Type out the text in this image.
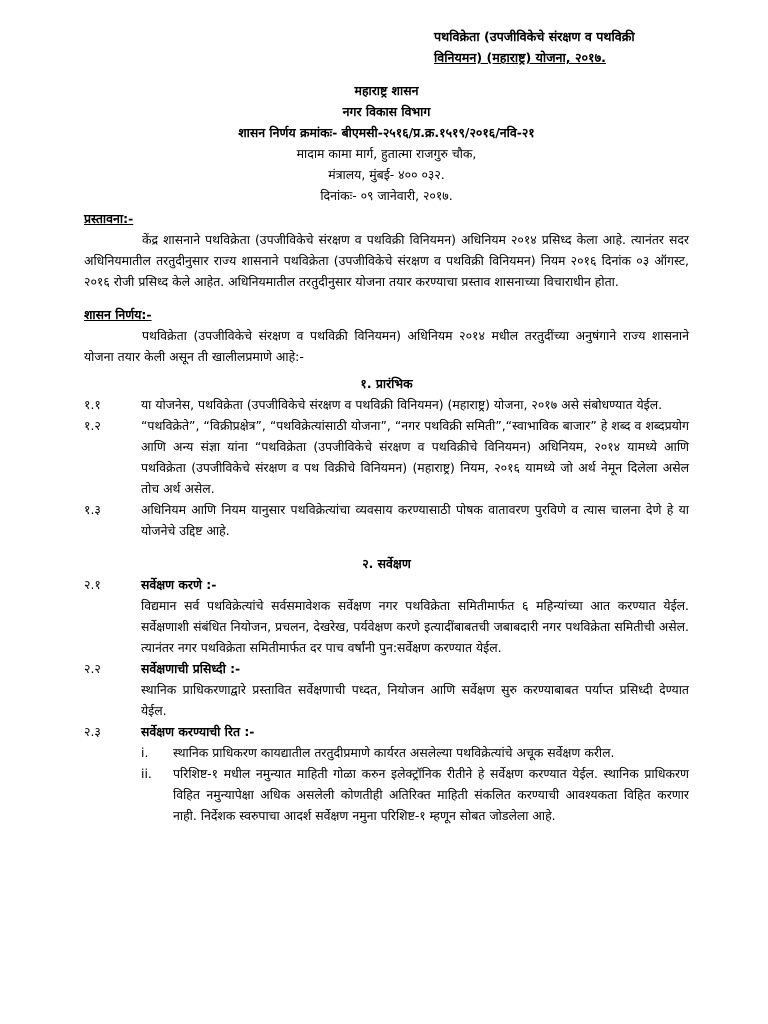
पथविक्रेता (उपजीविकेचे संरक्षण व पथविक्री
विनियमन) (महाराष्ट्र) योजना, २०१७.
महाराष्ट्र शासन
नगर विकास विभाग
शासन निर्णय क्रमांकः- बीएमसी-२५१६/प्र.क्र.१५१९/२०१६/नवि-२१
मादाम कामा मार्ग, हुतात्मा राजगुरु चौक,
मंत्रालय, मुंबई- ४०० ०३२.
दिनांकः- ०९ जानेवारी, २०१७.
प्रस्तावना:-
केंद्र शासनाने पथविक्रेता (उपजीविकेचे संरक्षण व पथविक्री विनियमन) अधिनियम २०१४ प्रसिध्द केला आहे. त्यानंतर सदर अधिनियमातील तरतुदीनुसार राज्य शासनाने पथविक्रेता (उपजीविकेचे संरक्षण व पथविक्री विनियमन) नियम २०१६ दिनांक ०३ ऑगस्ट, २०१६ रोजी प्रसिध्द केले आहेत. अधिनियमातील तरतुदीनुसार योजना तयार करण्याचा प्रस्ताव शासनाच्या विचाराधीन होता.
शासन निर्णय:-
पथविक्रेता (उपजीविकेचे संरक्षण व पथविक्री विनियमन) अधिनियम २०१४ मधील तरतुदींच्या अनुषंगाने राज्य शासनाने योजना तयार केली असून ती खालीलप्रमाणे आहे:-
१. प्रारंभिक
१.१	या योजनेस, पथविक्रेता (उपजीविकेचे संरक्षण व पथविक्री विनियमन) (महाराष्ट्र) योजना, २०१७ असे संबोधण्यात येईल.
१.२	“पथविक्रेते”, “विक्रीप्रक्षेत्र”, “पथविक्रेत्यांसाठी योजना”, “नगर पथविक्री समिती”,“स्वाभाविक बाजार” हे शब्द व शब्दप्रयोग आणि अन्य संज्ञा यांना “पथविक्रेता (उपजीविकेचे संरक्षण व पथविक्रीचे विनियमन) अधिनियम, २०१४ यामध्ये आणि पथविक्रेता (उपजीविकेचे संरक्षण व पथ विक्रीचे विनियमन) (महाराष्ट्र) नियम, २०१६ यामध्ये जो अर्थ नेमून दिलेला असेल तोच अर्थ असेल.
१.३	अधिनियम आणि नियम यानुसार पथविक्रेत्यांचा व्यवसाय करण्यासाठी पोषक वातावरण पुरविणे व त्यास चालना देणे हे या योजनेचे उद्दिष्ट आहे.
२. सर्वेक्षण
२.१	सर्वेक्षण करणे :-
विद्यमान सर्व पथविक्रेत्यांचे सर्वसमावेशक सर्वेक्षण नगर पथविक्रेता समितीमार्फत ६ महिन्यांच्या आत करण्यात येईल. सर्वेक्षणाशी संबंधित नियोजन, प्रचलन, देखरेख, पर्यवेक्षण करणे इत्यादींबाबतची जबाबदारी नगर पथविक्रेता समितीची असेल. त्यानंतर नगर पथविक्रेता समितीमार्फत दर पाच वर्षांनी पुन:सर्वेक्षण करण्यात येईल.
२.२	सर्वेक्षणाची प्रसिध्दी :-
स्थानिक प्राधिकरणाद्वारे प्रस्तावित सर्वेक्षणाची पध्दत, नियोजन आणि सर्वेक्षण सुरु करण्याबाबत पर्याप्त प्रसिध्दी देण्यात येईल.
२.३	सर्वेक्षण करण्याची रित :-
i.	स्थानिक प्राधिकरण कायद्यातील तरतुदीप्रमाणे कार्यरत असलेल्या पथविक्रेत्यांचे अचूक सर्वेक्षण करील.
ii.	परिशिष्ट-१ मधील नमुन्यात माहिती गोळा करुन इलेक्ट्रॉनिक रीतीने हे सर्वेक्षण करण्यात येईल. स्थानिक प्राधिकरण विहित नमुन्यापेक्षा अधिक असलेली कोणतीही अतिरिक्त माहिती संकलित करण्याची आवश्यकता विहित करणार नाही. निर्देशक स्वरुपाचा आदर्श सर्वेक्षण नमुना परिशिष्ट-१ म्हणून सोबत जोडलेला आहे.
